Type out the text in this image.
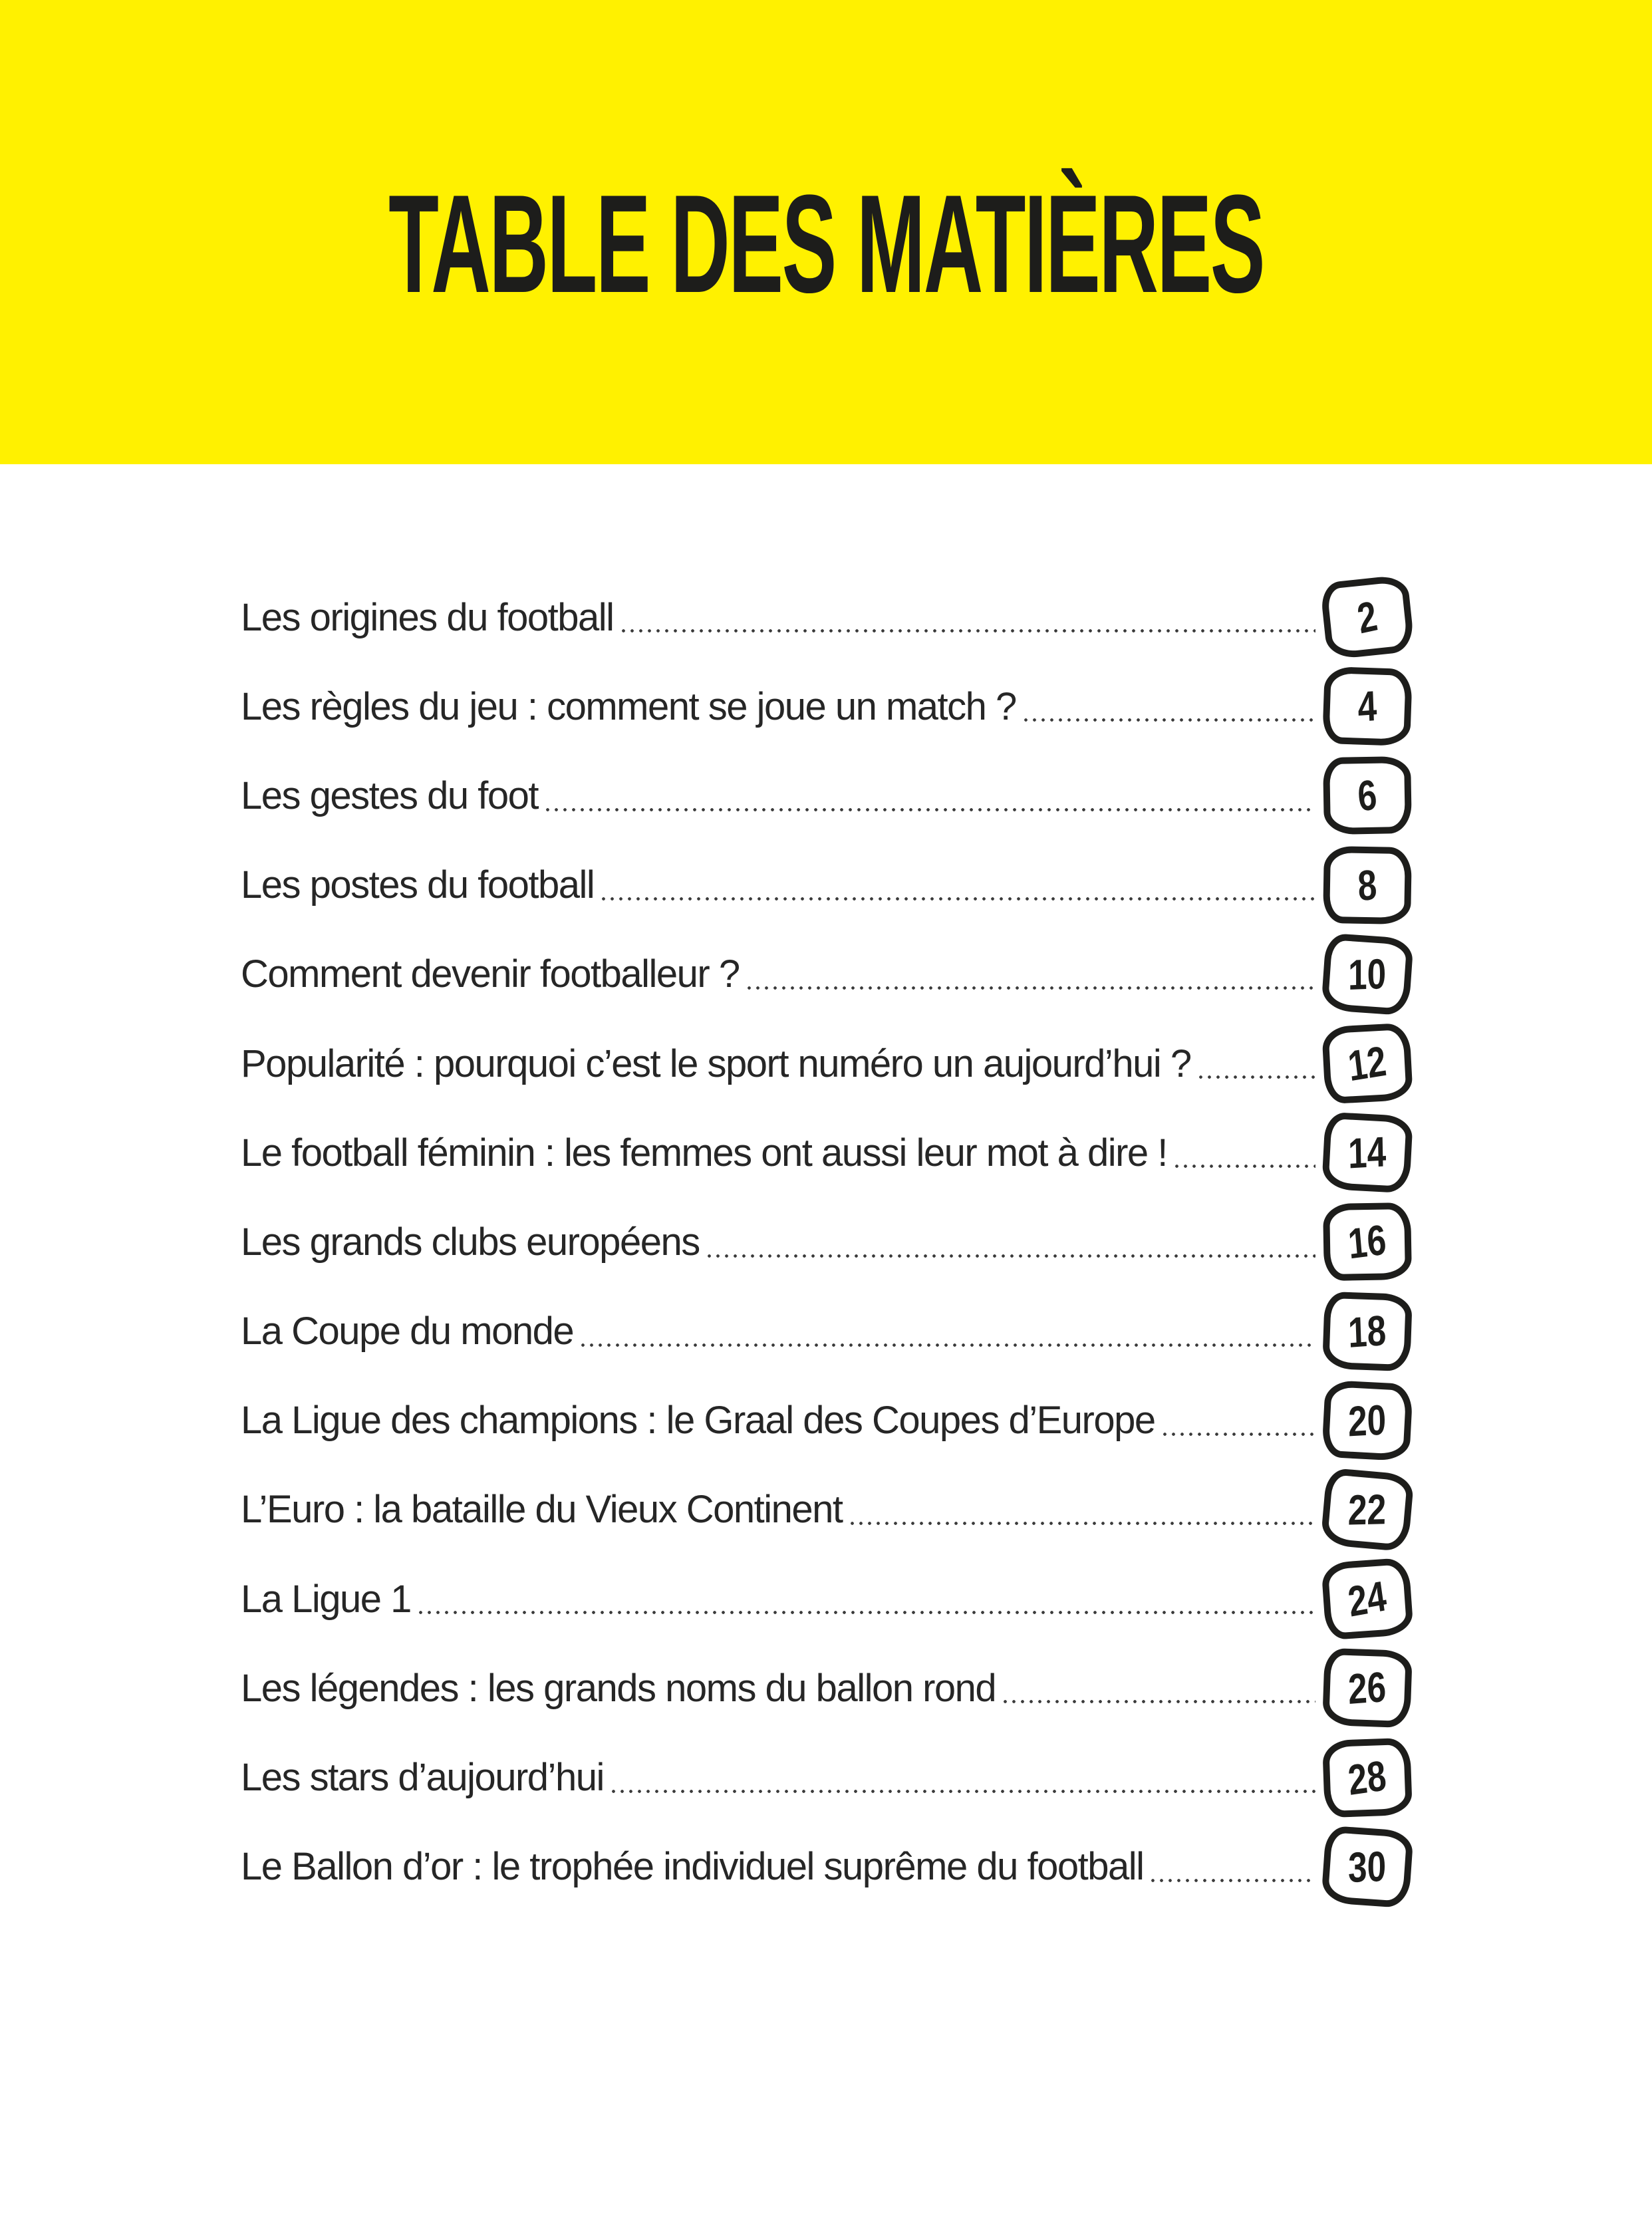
TABLE DES MATIÈRES
Les origines du football	2
Les règles du jeu : comment se joue un match ?	4
Les gestes du foot	6
Les postes du football	8
Comment devenir footballeur ?	10
Popularité : pourquoi c’est le sport numéro un aujourd’hui ?	12
Le football féminin : les femmes ont aussi leur mot à dire !	14
Les grands clubs européens	16
La Coupe du monde	18
La Ligue des champions : le Graal des Coupes d’Europe	20
L’Euro : la bataille du Vieux Continent	22
La Ligue 1	24
Les légendes : les grands noms du ballon rond	26
Les stars d’aujourd’hui	28
Le Ballon d’or : le trophée individuel suprême du football	30
